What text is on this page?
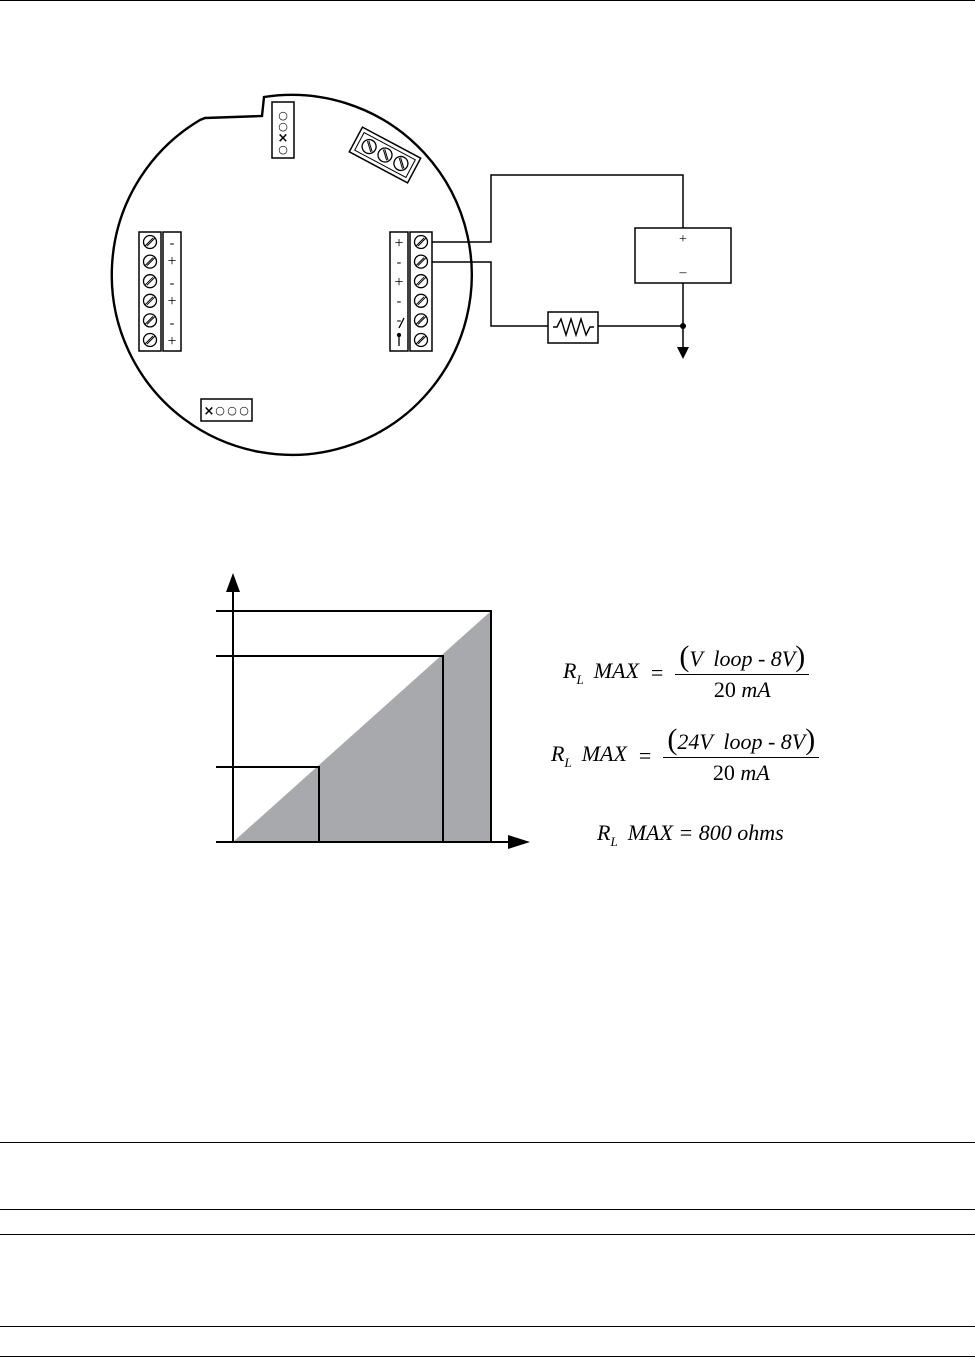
○
○
×
○
-
+
-
+
-
+
+
-
+
-
-
× ○ ○ ○
+
–
$R_L$ MAX = $\frac{\text{(V  loop - 8V)}}{20 mA}$
$R_L$ MAX = $\frac{\text{(24V  loop - 8V)}}{20 mA}$
$R_L$ MAX = 800 ohms
